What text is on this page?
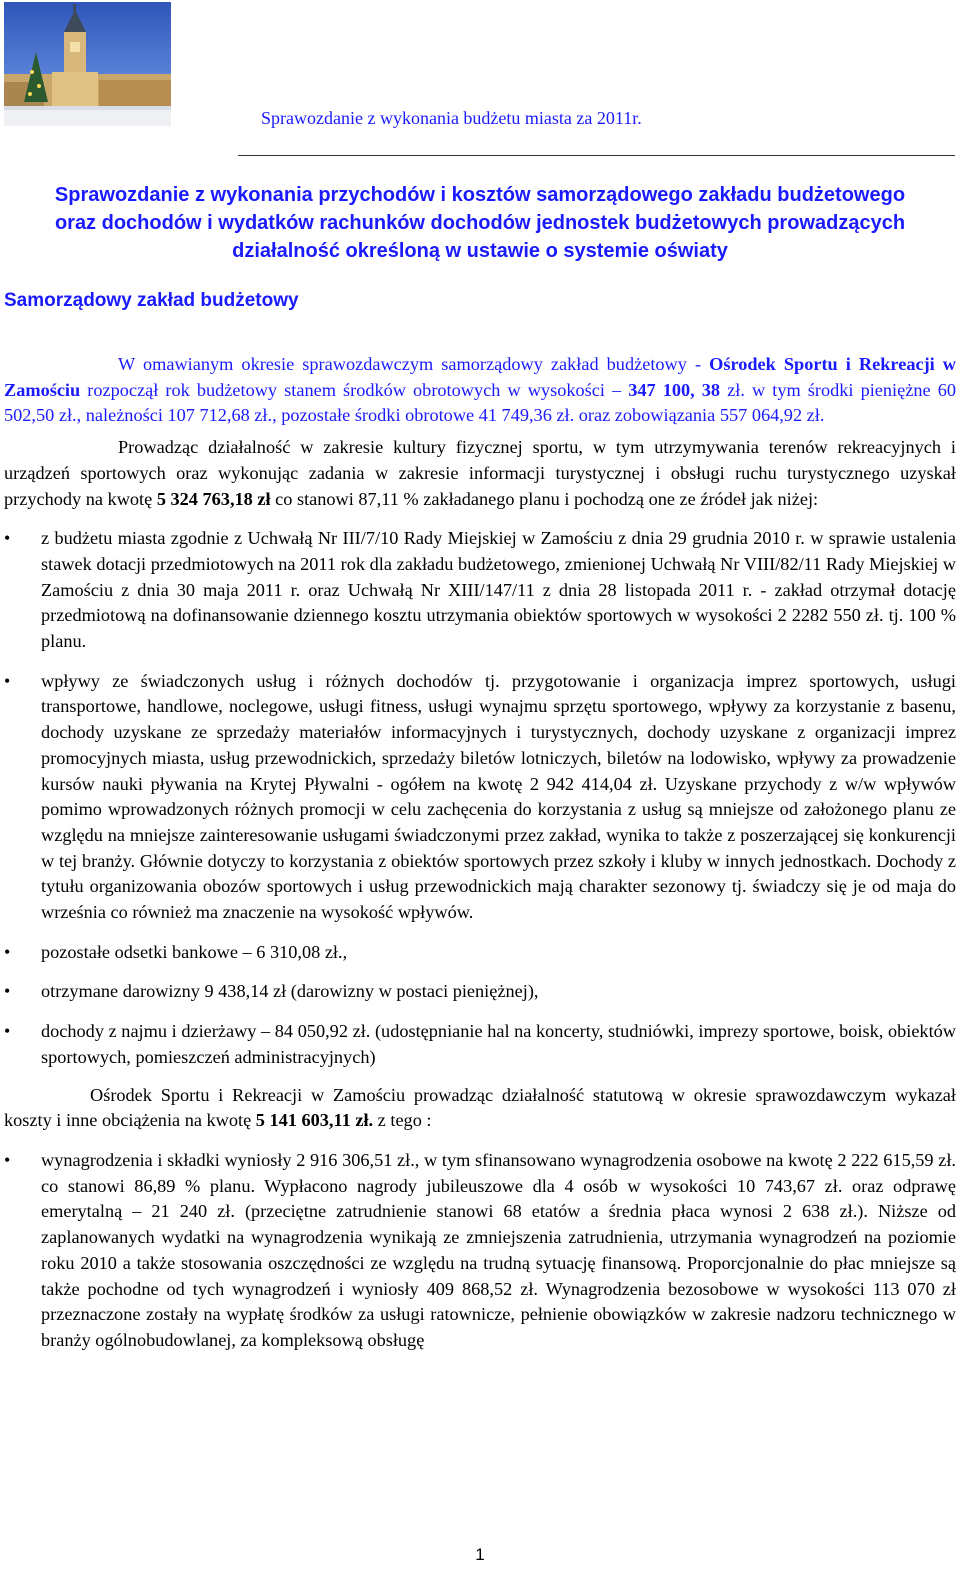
Sprawozdanie z wykonania budżetu miasta za 2011r.
Sprawozdanie z wykonania przychodów i kosztów samorządowego zakładu budżetowego
oraz dochodów i wydatków rachunków dochodów jednostek budżetowych prowadzących
działalność określoną w ustawie o systemie oświaty
Samorządowy zakład budżetowy

W omawianym okresie sprawozdawczym samorządowy zakład budżetowy - Ośrodek Sportu i Rekreacji w Zamościu rozpoczął rok budżetowy stanem środków obrotowych w wysokości – 347 100, 38 zł. w tym środki pieniężne 60 502,50 zł., należności 107 712,68 zł., pozostałe środki obrotowe 41 749,36 zł. oraz zobowiązania 557 064,92 zł.

Prowadząc działalność w zakresie kultury fizycznej sportu, w tym utrzymywania terenów rekreacyjnych i urządzeń sportowych oraz wykonując zadania w zakresie informacji turystycznej i obsługi ruchu turystycznego uzyskał przychody na kwotę 5 324 763,18 zł co stanowi 87,11 % zakładanego planu i pochodzą one ze źródeł jak niżej:

• z budżetu miasta zgodnie z Uchwałą Nr III/7/10 Rady Miejskiej w Zamościu z dnia 29 grudnia 2010 r. w sprawie ustalenia stawek dotacji przedmiotowych na 2011 rok dla zakładu budżetowego, zmienionej Uchwałą Nr VIII/82/11 Rady Miejskiej w Zamościu z dnia 30 maja 2011 r. oraz Uchwałą Nr XIII/147/11 z dnia 28 listopada 2011 r. - zakład otrzymał dotację przedmiotową na dofinansowanie dziennego kosztu utrzymania obiektów sportowych w wysokości 2 2282 550 zł. tj. 100 % planu.
• wpływy ze świadczonych usług i różnych dochodów tj. przygotowanie i organizacja imprez sportowych, usługi transportowe, handlowe, noclegowe, usługi fitness, usługi wynajmu sprzętu sportowego, wpływy za korzystanie z basenu, dochody uzyskane ze sprzedaży materiałów informacyjnych i turystycznych, dochody uzyskane z organizacji imprez promocyjnych miasta, usług przewodnickich, sprzedaży biletów lotniczych, biletów na lodowisko, wpływy za prowadzenie kursów nauki pływania na Krytej Pływalni - ogółem na kwotę 2 942 414,04 zł. Uzyskane przychody z w/w wpływów pomimo wprowadzonych różnych promocji w celu zachęcenia do korzystania z usług są mniejsze od założonego planu ze względu na mniejsze zainteresowanie usługami świadczonymi przez zakład, wynika to także z poszerzającej się konkurencji w tej branży. Głównie dotyczy to korzystania z obiektów sportowych przez szkoły i kluby w innych jednostkach. Dochody z tytułu organizowania obozów sportowych i usług przewodnickich mają charakter sezonowy tj. świadczy się je od maja do września co również ma znaczenie na wysokość wpływów.
• pozostałe odsetki bankowe – 6 310,08 zł.,
• otrzymane darowizny 9 438,14 zł (darowizny w postaci pieniężnej),
• dochody z najmu i dzierżawy – 84 050,92 zł. (udostępnianie hal na koncerty, studniówki, imprezy sportowe, boisk, obiektów sportowych, pomieszczeń administracyjnych)

Ośrodek Sportu i Rekreacji w Zamościu prowadząc działalność statutową w okresie sprawozdawczym wykazał koszty i inne obciążenia na kwotę 5 141 603,11 zł. z tego :

• wynagrodzenia i składki wyniosły 2 916 306,51 zł., w tym sfinansowano wynagrodzenia osobowe na kwotę 2 222 615,59 zł. co stanowi 86,89 % planu. Wypłacono nagrody jubileuszowe dla 4 osób w wysokości 10 743,67 zł. oraz odprawę emerytalną – 21 240 zł. (przeciętne zatrudnienie stanowi 68 etatów a średnia płaca wynosi 2 638 zł.). Niższe od zaplanowanych wydatki na wynagrodzenia wynikają ze zmniejszenia zatrudnienia, utrzymania wynagrodzeń na poziomie roku 2010 a także stosowania oszczędności ze względu na trudną sytuację finansową. Proporcjonalnie do płac mniejsze są także pochodne od tych wynagrodzeń i wyniosły 409 868,52 zł. Wynagrodzenia bezosobowe w wysokości 113 070 zł przeznaczone zostały na wypłatę środków za usługi ratownicze, pełnienie obowiązków w zakresie nadzoru technicznego w branży ogólnobudowlanej, za kompleksową obsługę
1
